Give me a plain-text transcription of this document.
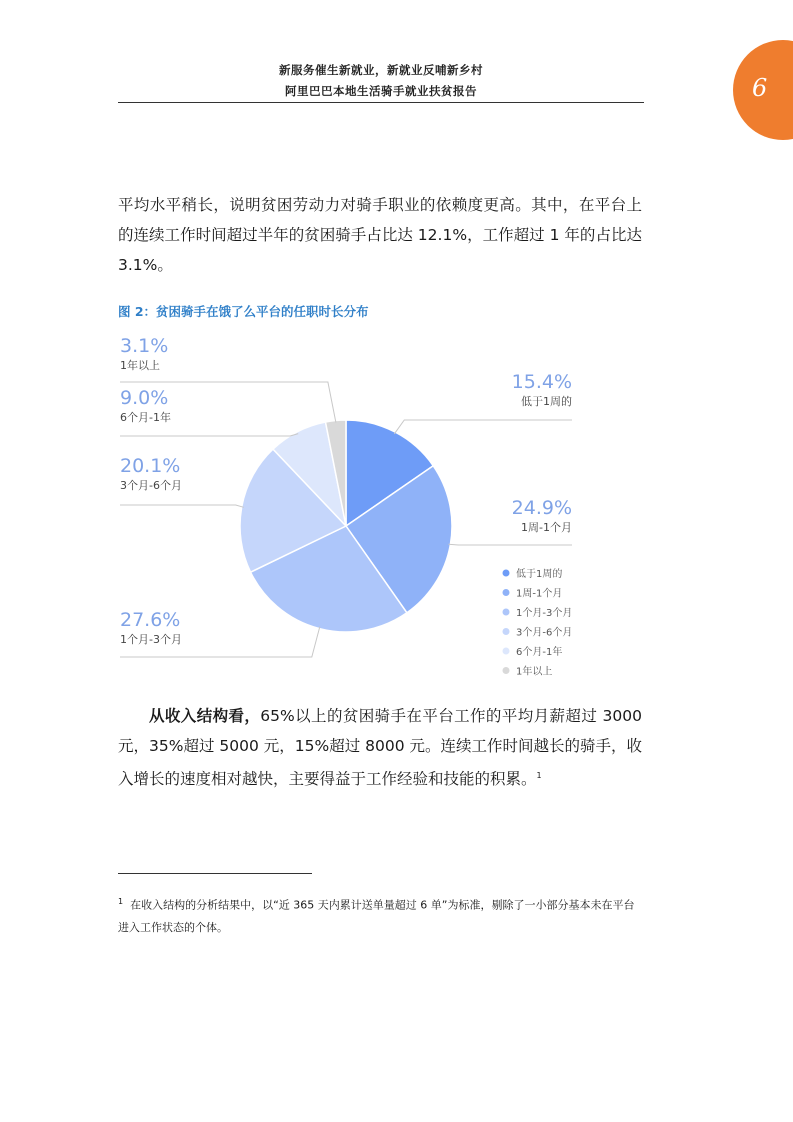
新服务催生新就业，新就业反哺新乡村
阿里巴巴本地生活骑手就业扶贫报告	6

平均水平稍长，说明贫困劳动力对骑手职业的依赖度更高。其中，在平台上的连续工作时间超过半年的贫困骑手占比达 12.1%，工作超过 1 年的占比达 3.1%。

图 2：贫困骑手在饿了么平台的任职时长分布
15.4%
低于1周的
24.9%
1周-1个月
27.6%
1个月-3个月
20.1%
3个月-6个月
9.0%
6个月-1年
3.1%
1年以上
低于1周的
1周-1个月
1个月-3个月
3个月-6个月
6个月-1年
1年以上

从收入结构看，65%以上的贫困骑手在平台工作的平均月薪超过 3000 元，35%超过 5000 元，15%超过 8000 元。连续工作时间越长的骑手，收入增长的速度相对越快，主要得益于工作经验和技能的积累。$^1$

$^1$ 在收入结构的分析结果中，以“近 365 天内累计送单量超过 6 单”为标准，剔除了一小部分基本未在平台进入工作状态的个体。
